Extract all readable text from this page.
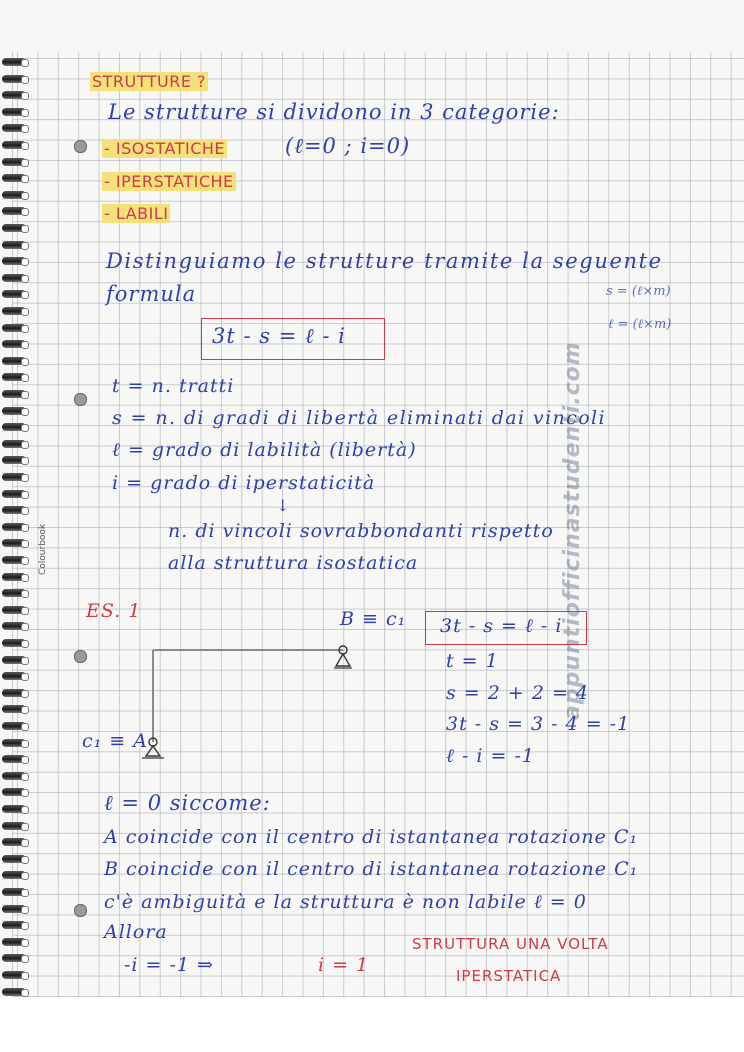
Colourbook	appuntiofficinastudenti.com
STRUTTURE ?
Le strutture si dividono in 3 categorie:
- ISOSTATICHE
- IPERSTATICHE
- LABILI
(ℓ=0 ; i=0)
Distinguiamo le strutture tramite la seguente
formula	s = (ℓ×m)
ℓ = (ℓ×m)
3t - s = ℓ - i
t = n. tratti
s = n. di gradi di libertà eliminati dai vincoli
ℓ = grado di labilità (libertà)
i = grado di iperstaticità
↓
n. di vincoli sovrabbondanti rispetto
alla struttura isostatica
ES. 1	B ≡ c₁
c₁ ≡ A
3t - s = ℓ - i
t = 1
s = 2 + 2 = 4
3t - s = 3 - 4 = -1
ℓ - i = -1
ℓ = 0 siccome:
A coincide con il centro di istantanea rotazione C₁
B coincide con il centro di istantanea rotazione C₁
c'è ambiguità e la struttura è non labile ℓ = 0
Allora
-i = -1 ⇒	i = 1
STRUTTURA UNA VOLTA
IPERSTATICA
